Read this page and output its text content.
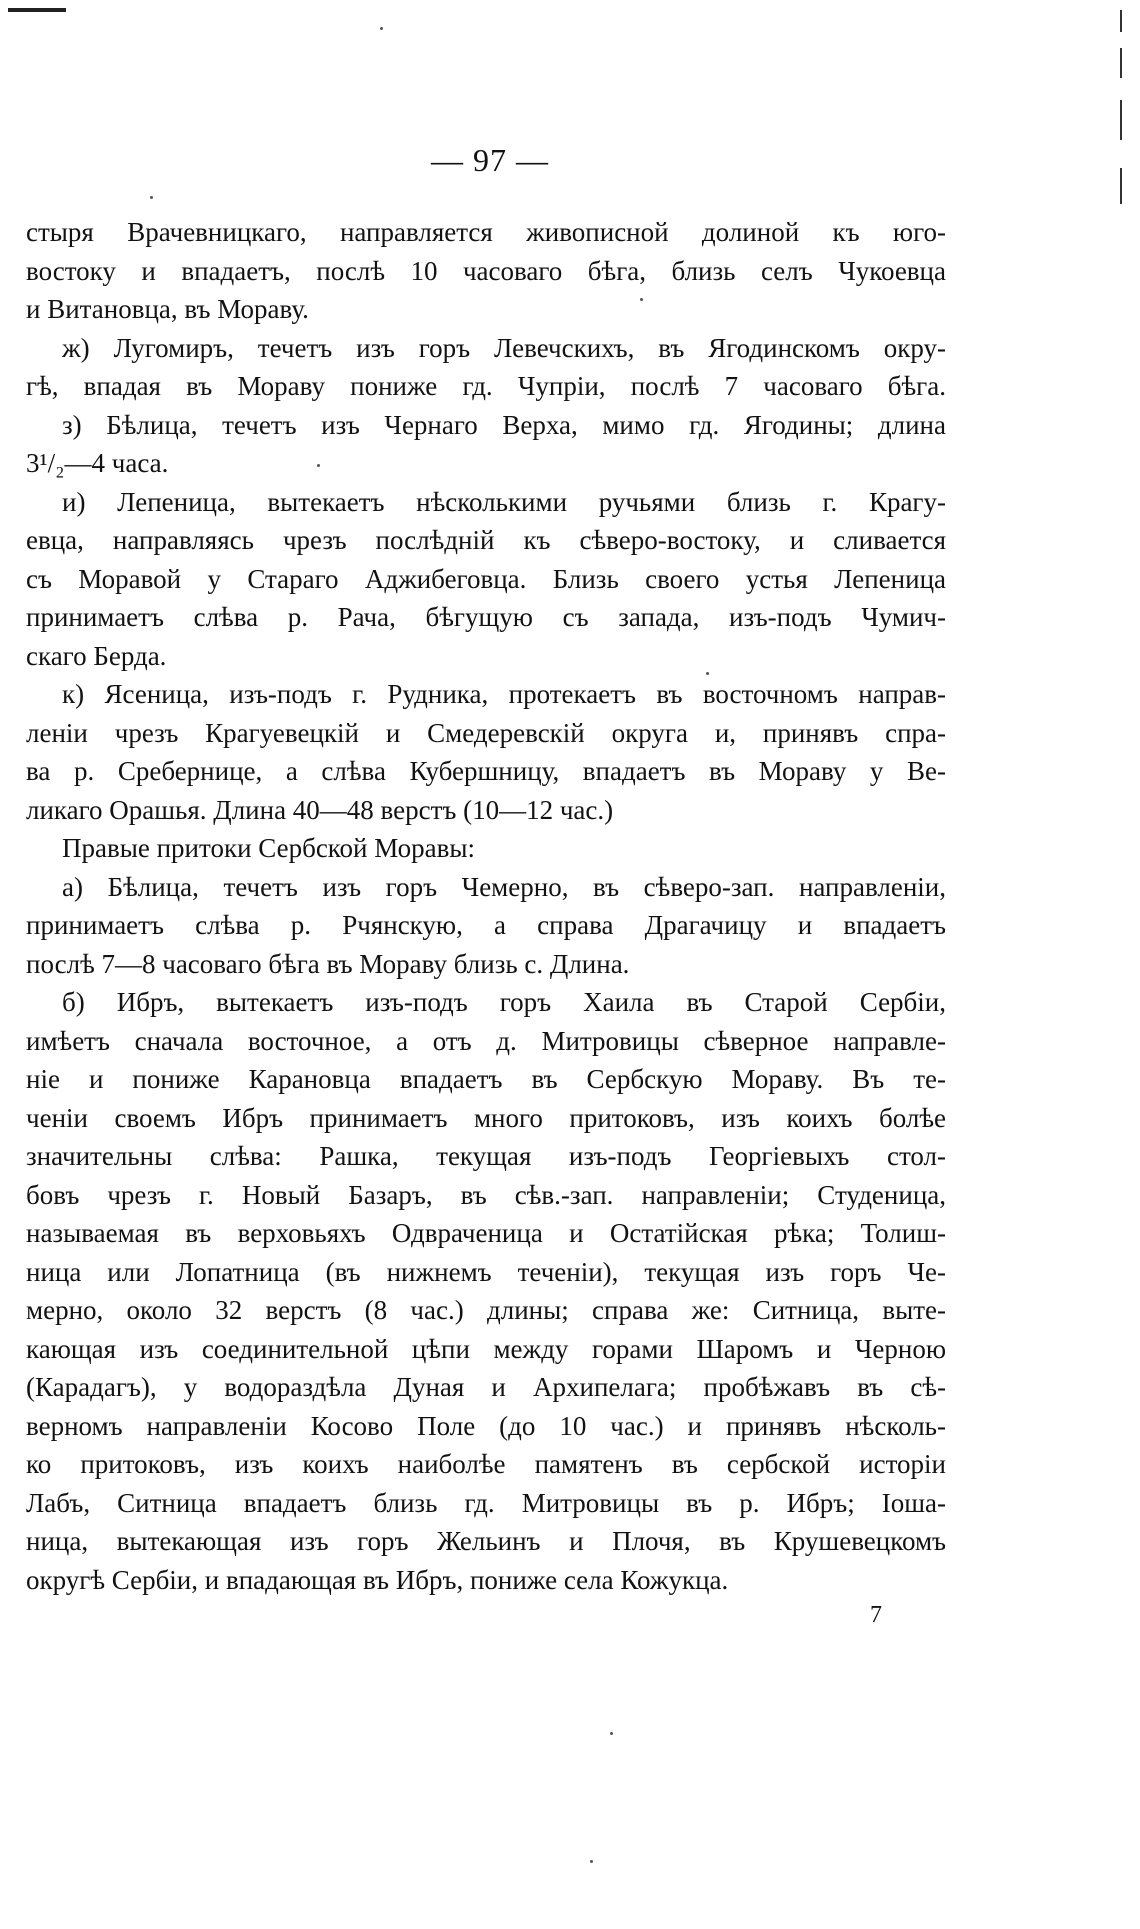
— 97 —
стыря Врачевницкаго, направляется живописной долиной къ юго-
востоку и впадаетъ, послѣ 10 часоваго бѣга, близь селъ Чукоевца
и Витановца, въ Мораву.
ж) Лугомиръ, течетъ изъ горъ Левечскихъ, въ Ягодинскомъ окру-
гѣ, впадая въ Мораву пониже гд. Чупріи, послѣ 7 часоваго бѣга.
з) Бѣлица, течетъ изъ Чернаго Верха, мимо гд. Ягодины; длина
3¹/₂—4 часа.
и) Лепеница, вытекаетъ нѣсколькими ручьями близь г. Крагу-
евца, направляясь чрезъ послѣдній къ сѣверо-востоку, и сливается
съ Моравой у Стараго Аджибеговца. Близь своего устья Лепеница
принимаетъ слѣва р. Рача, бѣгущую съ запада, изъ-подъ Чумич-
скаго Берда.
к) Ясеница, изъ-подъ г. Рудника, протекаетъ въ восточномъ направ-
леніи чрезъ Крагуевецкій и Смедеревскій округа и, принявъ спра-
ва р. Сребернице, а слѣва Кубершницу, впадаетъ въ Мораву у Ве-
ликаго Орашья. Длина 40—48 верстъ (10—12 час.)
Правые притоки Сербской Моравы:
а) Бѣлица, течетъ изъ горъ Чемерно, въ сѣверо-зап. направленіи,
принимаетъ слѣва р. Рчянскую, а справа Драгачицу и впадаетъ
послѣ 7—8 часоваго бѣга въ Мораву близь с. Длина.
б) Ибръ, вытекаетъ изъ-подъ горъ Хаила въ Старой Сербіи,
имѣетъ сначала восточное, а отъ д. Митровицы сѣверное направле-
ніе и пониже Карановца впадаетъ въ Сербскую Мораву. Въ те-
ченіи своемъ Ибръ принимаетъ много притоковъ, изъ коихъ болѣе
значительны слѣва: Рашка, текущая изъ-подъ Георгіевыхъ стол-
бовъ чрезъ г. Новый Базаръ, въ сѣв.-зап. направленіи; Студеница,
называемая въ верховьяхъ Одвраченица и Остатійская рѣка; Толиш-
ница или Лопатница (въ нижнемъ теченіи), текущая изъ горъ Че-
мерно, около 32 верстъ (8 час.) длины; справа же: Ситница, выте-
кающая изъ соединительной цѣпи между горами Шаромъ и Черною
(Карадагъ), у водораздѣла Дуная и Архипелага; пробѣжавъ въ сѣ-
верномъ направленіи Косово Поле (до 10 час.) и принявъ нѣсколь-
ко притоковъ, изъ коихъ наиболѣе памятенъ въ сербской исторіи
Лабъ, Ситница впадаетъ близь гд. Митровицы въ р. Ибръ; Іоша-
ница, вытекающая изъ горъ Жельинъ и Плочя, въ Крушевецкомъ
округѣ Сербіи, и впадающая въ Ибръ, пониже села Кожукца.
7
